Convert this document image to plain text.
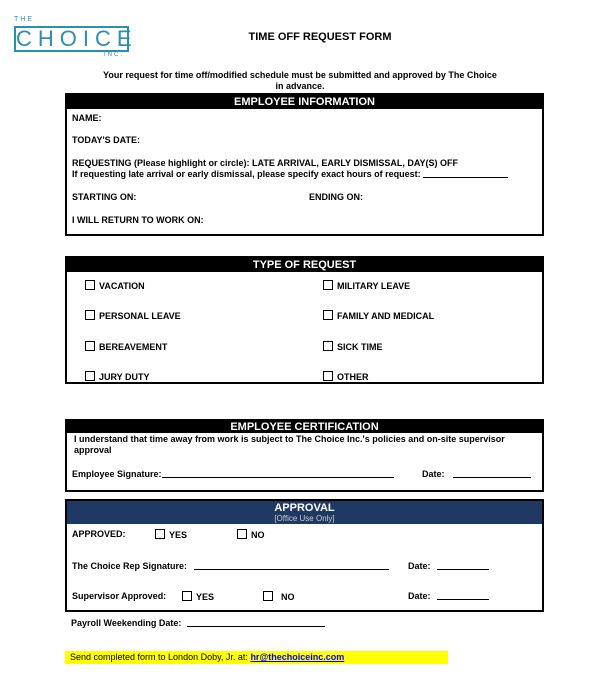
THE
CHOICE
INC.
TIME OFF REQUEST FORM
Your request for time off/modified schedule must be submitted and approved by The Choice in advance.
EMPLOYEE INFORMATION
NAME:
TODAY'S DATE:
REQUESTING (Please highlight or circle): LATE ARRIVAL, EARLY DISMISSAL, DAY(S) OFF
If requesting late arrival or early dismissal, please specify exact hours of request:
STARTING ON:	ENDING ON:
I WILL RETURN TO WORK ON:
TYPE OF REQUEST
VACATION	MILITARY LEAVE
PERSONAL LEAVE	FAMILY AND MEDICAL
BEREAVEMENT	SICK TIME
JURY DUTY	OTHER
EMPLOYEE CERTIFICATION
I understand that time away from work is subject to The Choice Inc.'s policies and on-site supervisor approval
Employee Signature:	Date:
APPROVAL
[Office Use Only]
APPROVED:	YES	NO
The Choice Rep Signature:	Date:
Supervisor Approved:	YES	NO	Date:
Payroll Weekending Date:
Send completed form to London Doby, Jr. at: hr@thechoiceinc.com
